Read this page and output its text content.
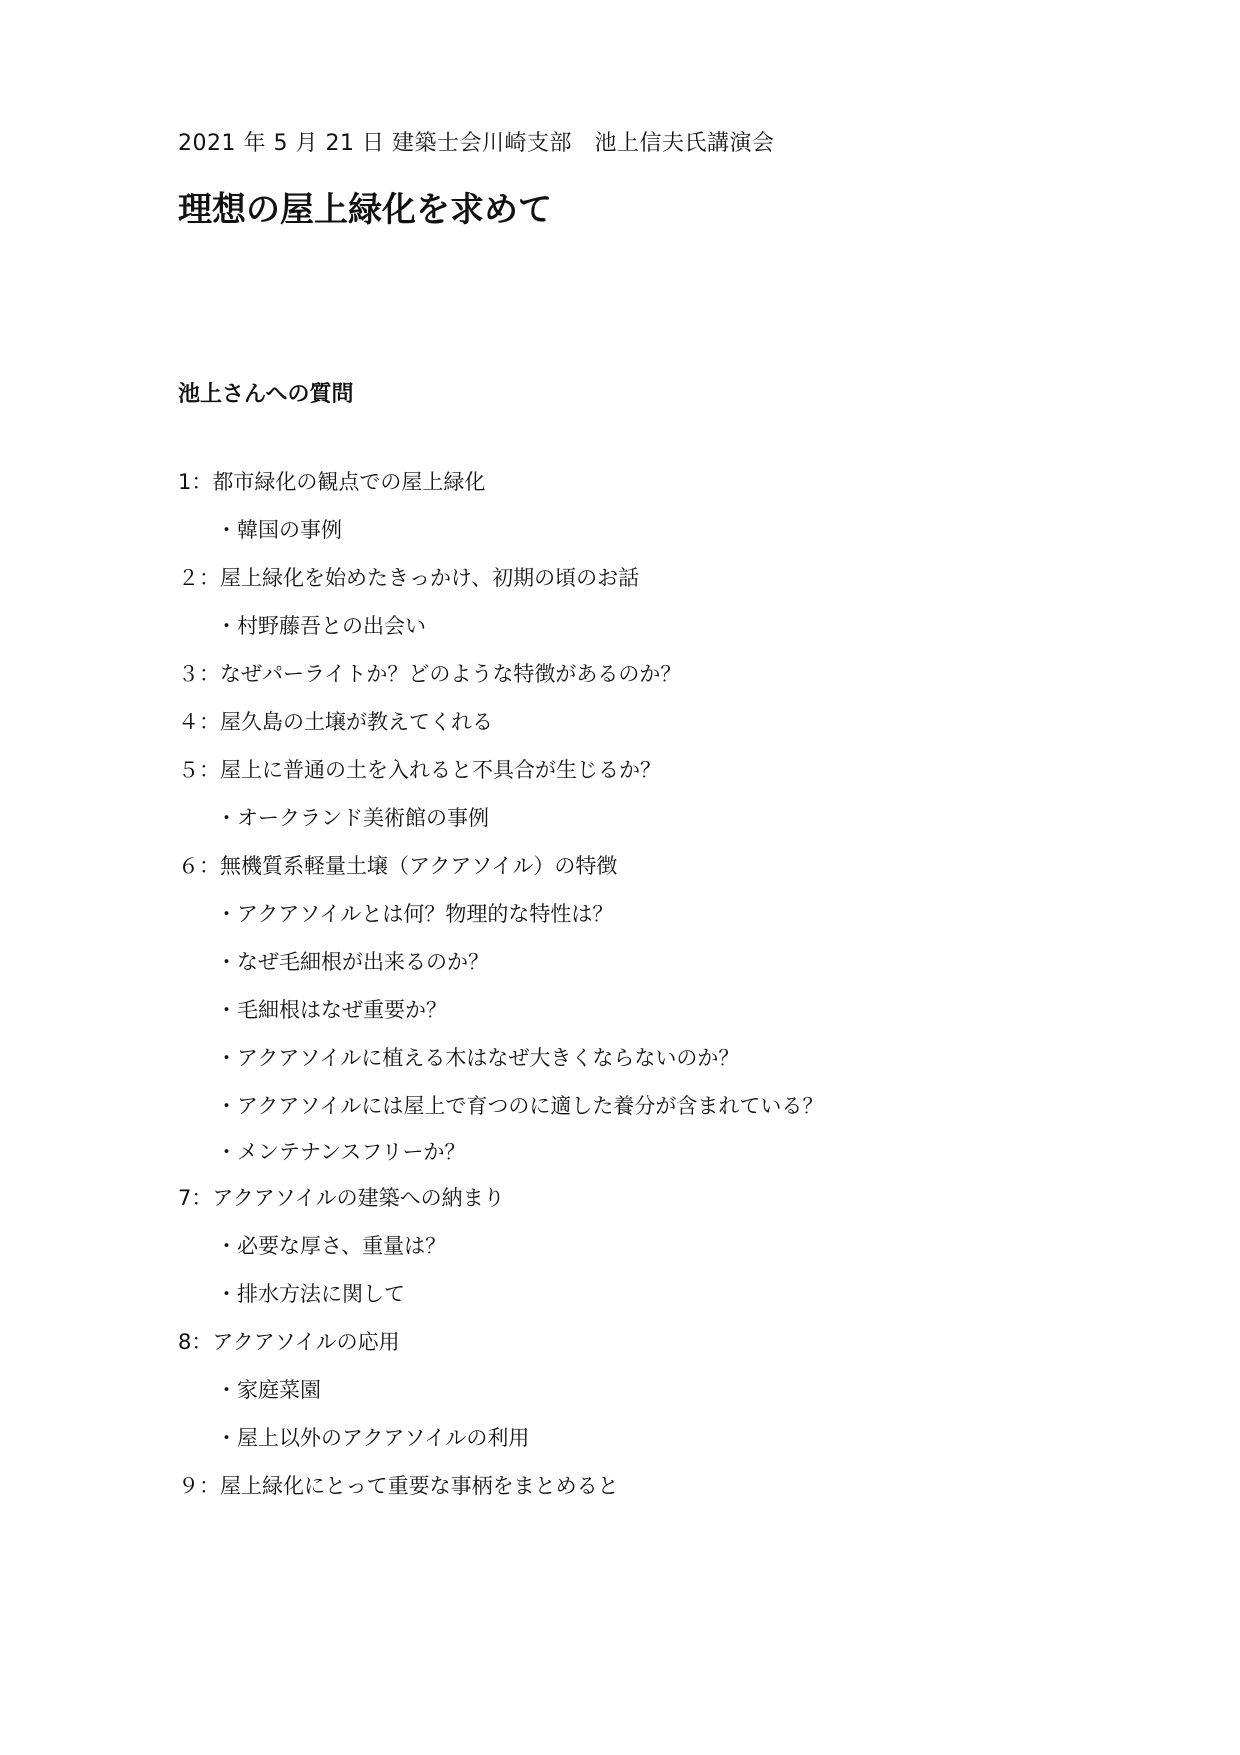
2021 年 5 月 21 日 建築士会川崎支部　池上信夫氏講演会
理想の屋上緑化を求めて
池上さんへの質問
1：都市緑化の観点での屋上緑化
・韓国の事例
２：屋上緑化を始めたきっかけ、初期の頃のお話
・村野藤吾との出会い
３：なぜパーライトか？どのような特徴があるのか？
４：屋久島の土壌が教えてくれる
５：屋上に普通の土を入れると不具合が生じるか？
・オークランド美術館の事例
６：無機質系軽量土壌（アクアソイル）の特徴
・アクアソイルとは何？物理的な特性は？
・なぜ毛細根が出来るのか？
・毛細根はなぜ重要か？
・アクアソイルに植える木はなぜ大きくならないのか？
・アクアソイルには屋上で育つのに適した養分が含まれている？
・メンテナンスフリーか？
7：アクアソイルの建築への納まり
・必要な厚さ、重量は？
・排水方法に関して
8：アクアソイルの応用
・家庭菜園
・屋上以外のアクアソイルの利用
９：屋上緑化にとって重要な事柄をまとめると
